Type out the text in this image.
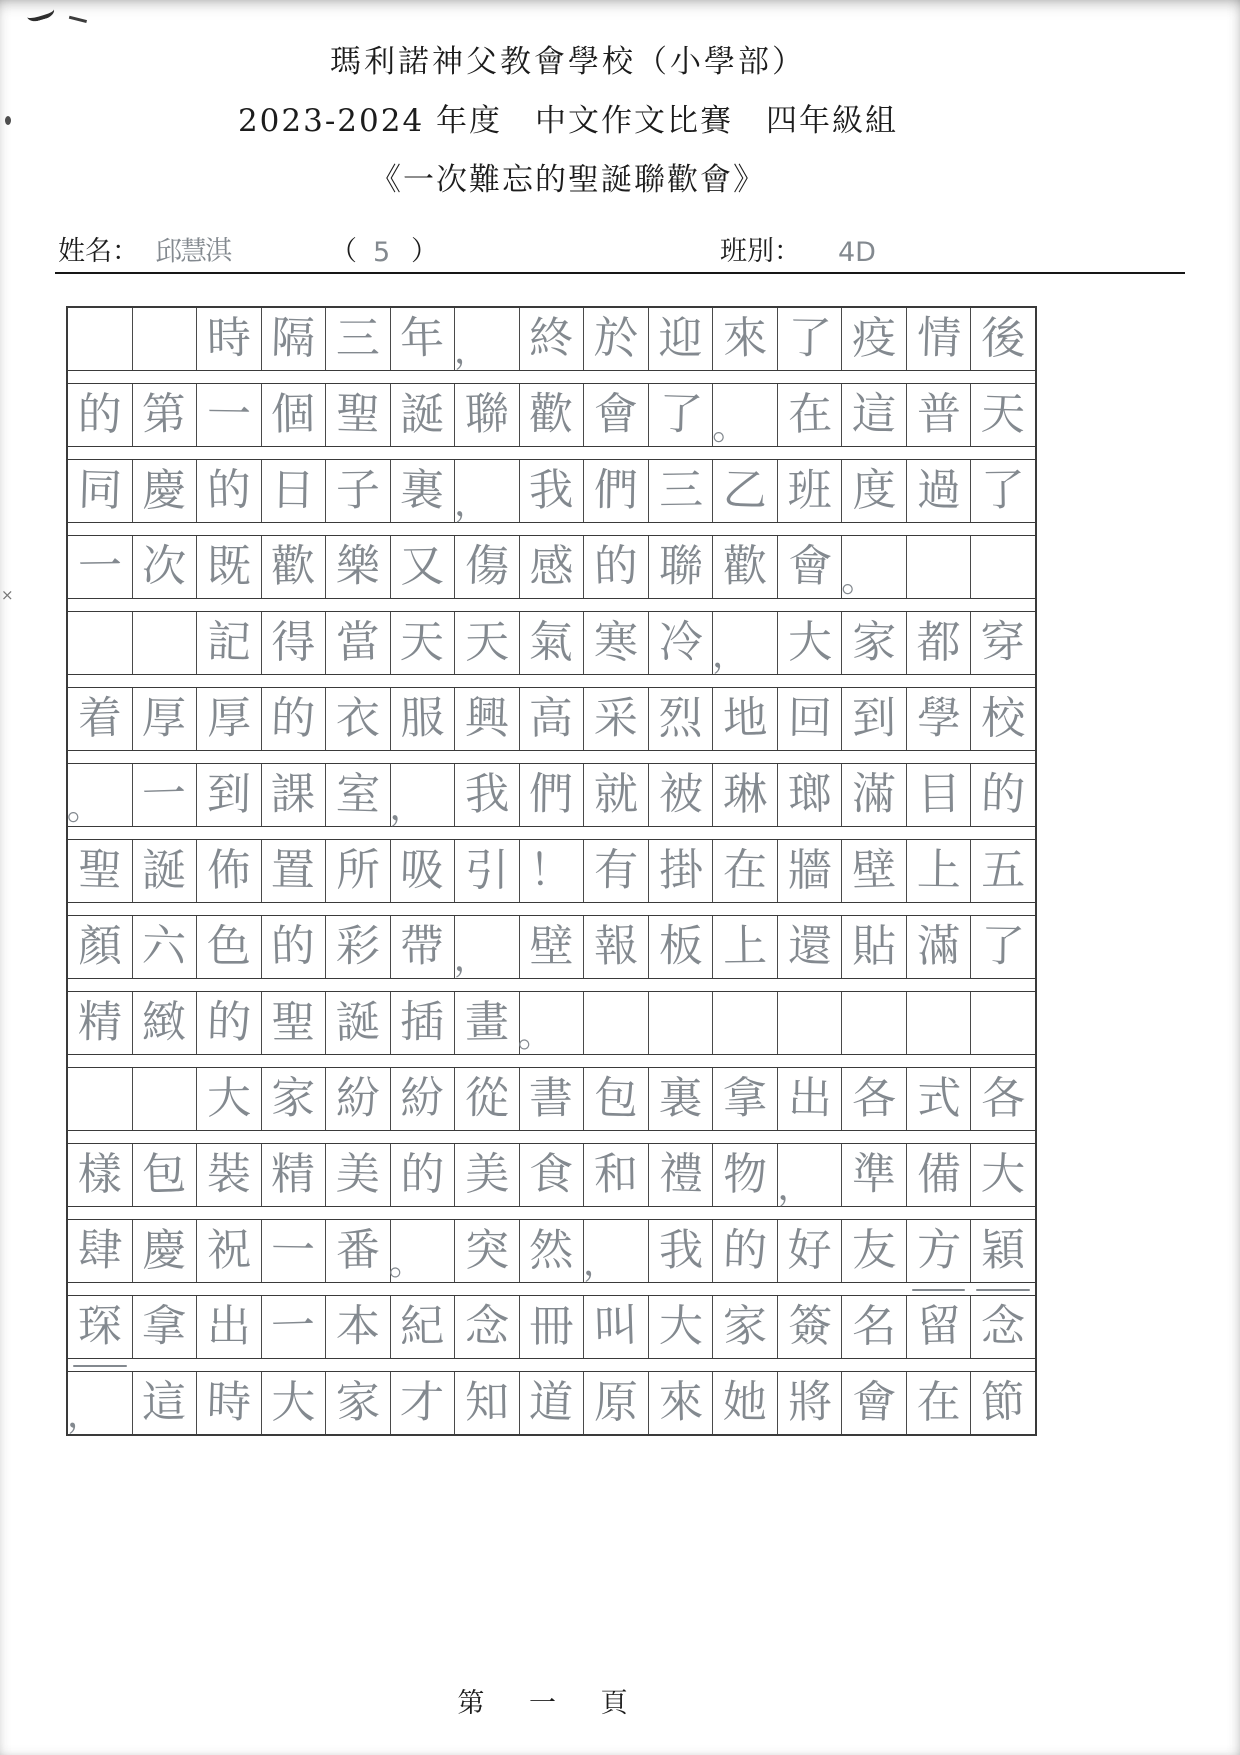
×
瑪利諾神父教會學校（小學部）
2023-2024 年度　中文作文比賽　四年級組
《一次難忘的聖誕聯歡會》
姓名： 邱慧淇	（ 5 ）	班別： 4D
時 隔 三 年 ， 終 於 迎 來 了 疫 情 後
的 第 一 個 聖 誕 聯 歡 會 了 。 在 這 普 天
同 慶 的 日 子 裏 ， 我 們 三 乙 班 度 過 了
一 次 既 歡 樂 又 傷 感 的 聯 歡 會 。
記 得 當 天 天 氣 寒 冷 ， 大 家 都 穿
着 厚 厚 的 衣 服 興 高 采 烈 地 回 到 學 校
。 一 到 課 室 ， 我 們 就 被 琳 瑯 滿 目 的
聖 誕 佈 置 所 吸 引 ！ 有 掛 在 牆 壁 上 五
顏 六 色 的 彩 帶 ， 壁 報 板 上 還 貼 滿 了
精 緻 的 聖 誕 插 畫 。
大 家 紛 紛 從 書 包 裏 拿 出 各 式 各
樣 包 裝 精 美 的 美 食 和 禮 物 ， 準 備 大
肆 慶 祝 一 番 。 突 然 ， 我 的 好 友 方 穎
琛 拿 出 一 本 紀 念 冊 叫 大 家 簽 名 留 念
， 這 時 大 家 才 知 道 原 來 她 將 會 在 節
第 一 頁
